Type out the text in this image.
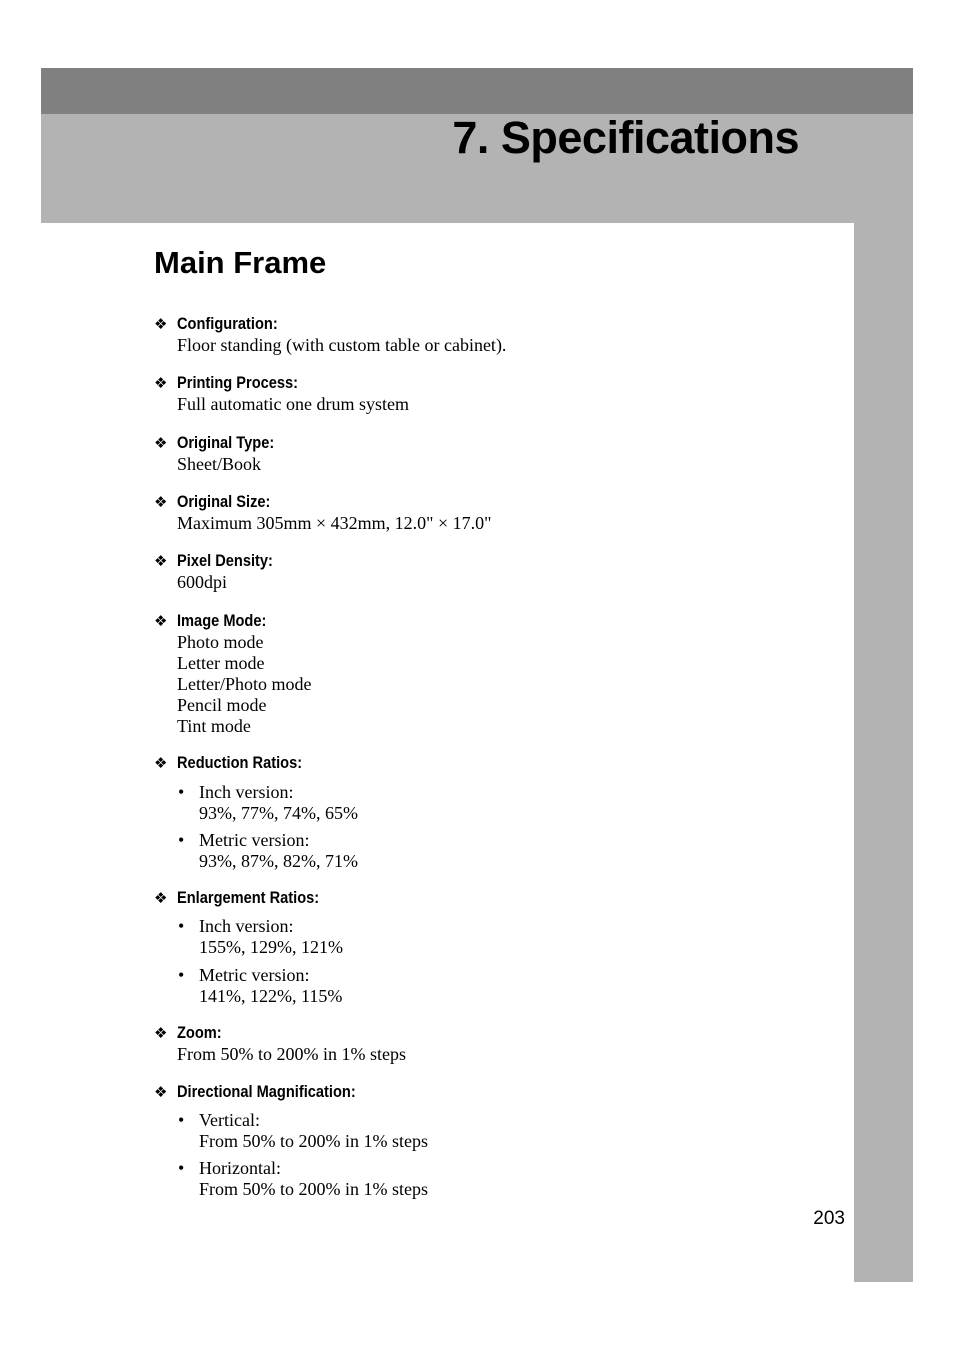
7. Specifications
Main Frame
❖ Configuration:
Floor standing (with custom table or cabinet).
❖ Printing Process:
Full automatic one drum system
❖ Original Type:
Sheet/Book
❖ Original Size:
Maximum 305mm × 432mm, 12.0" × 17.0"
❖ Pixel Density:
600dpi
❖ Image Mode:
Photo mode
Letter mode
Letter/Photo mode
Pencil mode
Tint mode
❖ Reduction Ratios:
• Inch version:
93%, 77%, 74%, 65%
• Metric version:
93%, 87%, 82%, 71%
❖ Enlargement Ratios:
• Inch version:
155%, 129%, 121%
• Metric version:
141%, 122%, 115%
❖ Zoom:
From 50% to 200% in 1% steps
❖ Directional Magnification:
• Vertical:
From 50% to 200% in 1% steps
• Horizontal:
From 50% to 200% in 1% steps
203
